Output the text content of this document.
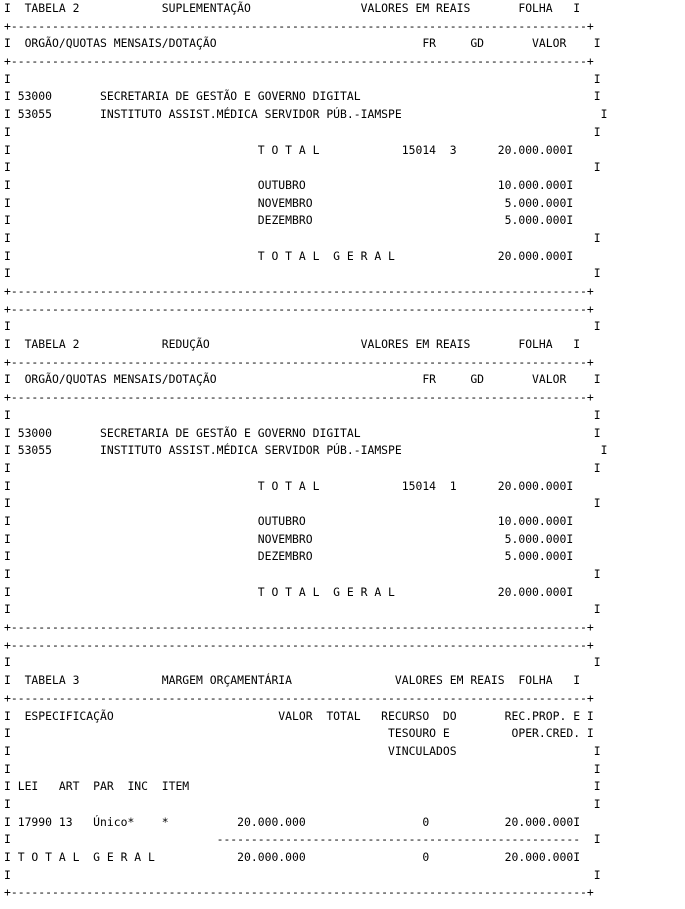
I  TABELA 2            SUPLEMENTAÇÃO                VALORES EM REAIS       FOLHA   I
+------------------------------------------------------------------------------------+
I  ORGÃO/QUOTAS MENSAIS/DOTAÇÃO                              FR     GD       VALOR    I
+------------------------------------------------------------------------------------+
I                                                                                     I
I 53000       SECRETARIA DE GESTÃO E GOVERNO DIGITAL                                  I
I 53055       INSTITUTO ASSIST.MÉDICA SERVIDOR PÚB.-IAMSPE                             I
I                                                                                     I
I                                    T O T A L            15014  3      20.000.000I
I                                                                                     I
I                                    OUTUBRO                            10.000.000I
I                                    NOVEMBRO                            5.000.000I
I                                    DEZEMBRO                            5.000.000I
I                                                                                     I
I                                    T O T A L  G E R A L               20.000.000I
I                                                                                     I
+------------------------------------------------------------------------------------+
+------------------------------------------------------------------------------------+
I                                                                                     I
I  TABELA 2            REDUÇÃO                      VALORES EM REAIS       FOLHA   I
+------------------------------------------------------------------------------------+
I  ORGÃO/QUOTAS MENSAIS/DOTAÇÃO                              FR     GD       VALOR    I
+------------------------------------------------------------------------------------+
I                                                                                     I
I 53000       SECRETARIA DE GESTÃO E GOVERNO DIGITAL                                  I
I 53055       INSTITUTO ASSIST.MÉDICA SERVIDOR PÚB.-IAMSPE                             I
I                                                                                     I
I                                    T O T A L            15014  1      20.000.000I
I                                                                                     I
I                                    OUTUBRO                            10.000.000I
I                                    NOVEMBRO                            5.000.000I
I                                    DEZEMBRO                            5.000.000I
I                                                                                     I
I                                    T O T A L  G E R A L               20.000.000I
I                                                                                     I
+------------------------------------------------------------------------------------+
+------------------------------------------------------------------------------------+
I                                                                                     I
I  TABELA 3            MARGEM ORÇAMENTÁRIA               VALORES EM REAIS  FOLHA   I
+------------------------------------------------------------------------------------+
I  ESPECIFICAÇÃO                        VALOR  TOTAL   RECURSO  DO       REC.PROP. E I
I                                                       TESOURO E         OPER.CRED. I
I                                                       VINCULADOS                    I
I                                                                                     I
I LEI   ART  PAR  INC  ITEM                                                           I
I                                                                                     I
I 17990 13   Único*    *          20.000.000                 0           20.000.000I
I                              -----------------------------------------------------  I
I T O T A L  G E R A L            20.000.000                 0           20.000.000I
I                                                                                     I
+------------------------------------------------------------------------------------+
